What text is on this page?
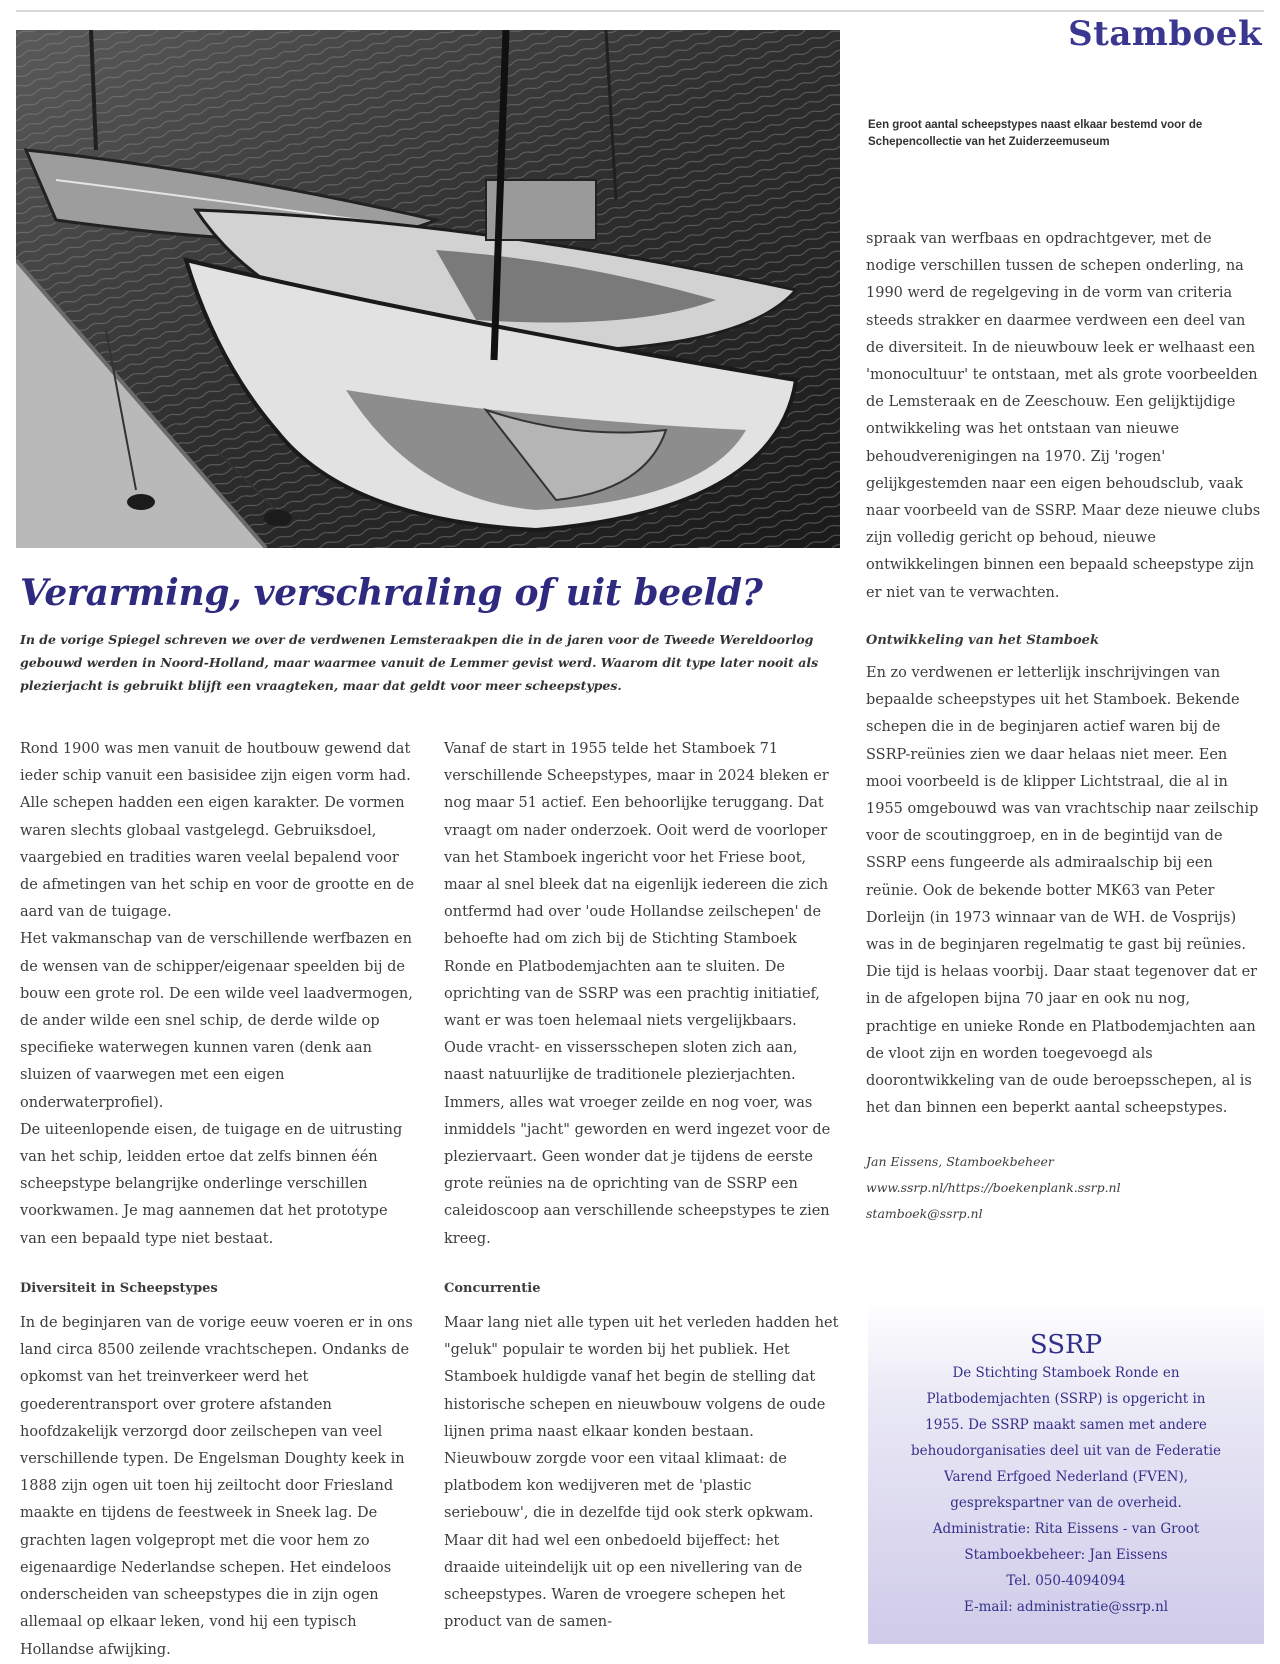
Stamboek
Een groot aantal scheepstypes naast elkaar bestemd voor de Schepencollectie van het Zuiderzeemuseum
Verarming, verschraling of uit beeld?

In de vorige Spiegel schreven we over de verdwenen Lemsteraakpen die in de jaren voor de Tweede Wereldoorlog gebouwd werden in Noord-Holland, maar waarmee vanuit de Lemmer gevist werd. Waarom dit type later nooit als plezierjacht is gebruikt blijft een vraagteken, maar dat geldt voor meer scheepstypes.

Rond 1900 was men vanuit de houtbouw gewend dat ieder schip vanuit een basisidee zijn eigen vorm had. Alle schepen hadden een eigen karakter. De vormen waren slechts globaal vastgelegd. Gebruiksdoel, vaargebied en tradities waren veelal bepalend voor de afmetingen van het schip en voor de grootte en de aard van de tuigage.

Het vakmanschap van de verschillende werfbazen en de wensen van de schipper/eigenaar speelden bij de bouw een grote rol. De een wilde veel laadvermogen, de ander wilde een snel schip, de derde wilde op specifieke waterwegen kunnen varen (denk aan sluizen of vaarwegen met een eigen onderwaterprofiel).

De uiteenlopende eisen, de tuigage en de uitrusting van het schip, leidden ertoe dat zelfs binnen één scheepstype belangrijke onderlinge verschillen voorkwamen. Je mag aannemen dat het prototype van een bepaald type niet bestaat.

Diversiteit in Scheepstypes

In de beginjaren van de vorige eeuw voeren er in ons land circa 8500 zeilende vrachtschepen. Ondanks de opkomst van het treinverkeer werd het goederentransport over grotere afstanden hoofdzakelijk verzorgd door zeilschepen van veel verschillende typen. De Engelsman Doughty keek in 1888 zijn ogen uit toen hij zeiltocht door Friesland maakte en tijdens de feestweek in Sneek lag. De grachten lagen volgepropt met die voor hem zo eigenaardige Nederlandse schepen. Het eindeloos onderscheiden van scheepstypes die in zijn ogen allemaal op elkaar leken, vond hij een typisch Hollandse afwijking.

Vanaf de start in 1955 telde het Stamboek 71 verschillende Scheepstypes, maar in 2024 bleken er nog maar 51 actief. Een behoorlijke teruggang. Dat vraagt om nader onderzoek. Ooit werd de voorloper van het Stamboek ingericht voor het Friese boot, maar al snel bleek dat na eigenlijk iedereen die zich ontfermd had over 'oude Hollandse zeilschepen' de behoefte had om zich bij de Stichting Stamboek Ronde en Platbodemjachten aan te sluiten. De oprichting van de SSRP was een prachtig initiatief, want er was toen helemaal niets vergelijkbaars. Oude vracht- en vissersschepen sloten zich aan, naast natuurlijke de traditionele plezierjachten. Immers, alles wat vroeger zeilde en nog voer, was inmiddels "jacht" geworden en werd ingezet voor de pleziervaart. Geen wonder dat je tijdens de eerste grote reünies na de oprichting van de SSRP een caleidoscoop aan verschillende scheepstypes te zien kreeg.

Concurrentie

Maar lang niet alle typen uit het verleden hadden het "geluk" populair te worden bij het publiek. Het Stamboek huldigde vanaf het begin de stelling dat historische schepen en nieuwbouw volgens de oude lijnen prima naast elkaar konden bestaan. Nieuwbouw zorgde voor een vitaal klimaat: de platbodem kon wedijveren met de 'plastic seriebouw', die in dezelfde tijd ook sterk opkwam. Maar dit had wel een onbedoeld bijeffect: het draaide uiteindelijk uit op een nivellering van de scheepstypes. Waren de vroegere schepen het product van de samen-

spraak van werfbaas en opdrachtgever, met de nodige verschillen tussen de schepen onderling, na 1990 werd de regelgeving in de vorm van criteria steeds strakker en daarmee verdween een deel van de diversiteit. In de nieuwbouw leek er welhaast een 'monocultuur' te ontstaan, met als grote voorbeelden de Lemsteraak en de Zeeschouw. Een gelijktijdige ontwikkeling was het ontstaan van nieuwe behoudverenigingen na 1970. Zij 'rogen' gelijkgestemden naar een eigen behoudsclub, vaak naar voorbeeld van de SSRP. Maar deze nieuwe clubs zijn volledig gericht op behoud, nieuwe ontwikkelingen binnen een bepaald scheepstype zijn er niet van te verwachten.

Ontwikkeling van het Stamboek

En zo verdwenen er letterlijk inschrijvingen van bepaalde scheepstypes uit het Stamboek. Bekende schepen die in de beginjaren actief waren bij de SSRP-reünies zien we daar helaas niet meer. Een mooi voorbeeld is de klipper Lichtstraal, die al in 1955 omgebouwd was van vrachtschip naar zeilschip voor de scoutinggroep, en in de begintijd van de SSRP eens fungeerde als admiraalschip bij een reünie. Ook de bekende botter MK63 van Peter Dorleijn (in 1973 winnaar van de WH. de Vosprijs) was in de beginjaren regelmatig te gast bij reünies.

Die tijd is helaas voorbij. Daar staat tegenover dat er in de afgelopen bijna 70 jaar en ook nu nog, prachtige en unieke Ronde en Platbodemjachten aan de vloot zijn en worden toegevoegd als doorontwikkeling van de oude beroepsschepen, al is het dan binnen een beperkt aantal scheepstypes.

Jan Eissens, Stamboekbeheer
www.ssrp.nl/https://boekenplank.ssrp.nl
stamboek@ssrp.nl
SSRP
De Stichting Stamboek Ronde en
Platbodemjachten (SSRP) is opgericht in
1955. De SSRP maakt samen met andere
behoudorganisaties deel uit van de Federatie
Varend Erfgoed Nederland (FVEN),
gesprekspartner van de overheid.
Administratie: Rita Eissens - van Groot
Stamboekbeheer: Jan Eissens
Tel. 050-4094094
E-mail: administratie@ssrp.nl
